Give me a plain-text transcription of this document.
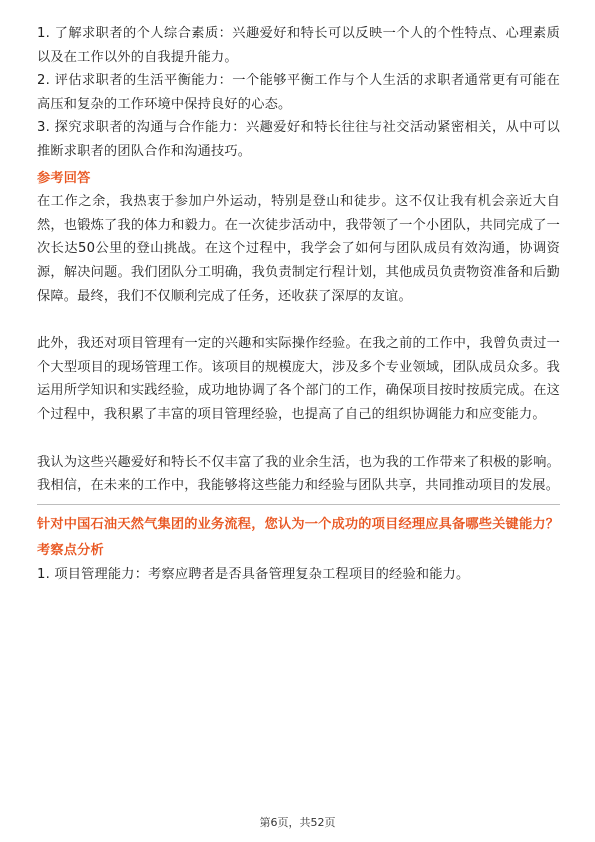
1. 了解求职者的个人综合素质：兴趣爱好和特长可以反映一个人的个性特点、心理素质以及在工作以外的自我提升能力。

2. 评估求职者的生活平衡能力：一个能够平衡工作与个人生活的求职者通常更有可能在高压和复杂的工作环境中保持良好的心态。

3. 探究求职者的沟通与合作能力：兴趣爱好和特长往往与社交活动紧密相关，从中可以推断求职者的团队合作和沟通技巧。

参考回答

在工作之余，我热衷于参加户外运动，特别是登山和徒步。这不仅让我有机会亲近大自然，也锻炼了我的体力和毅力。在一次徒步活动中，我带领了一个小团队，共同完成了一次长达50公里的登山挑战。在这个过程中，我学会了如何与团队成员有效沟通，协调资源，解决问题。我们团队分工明确，我负责制定行程计划，其他成员负责物资准备和后勤保障。最终，我们不仅顺利完成了任务，还收获了深厚的友谊。

此外，我还对项目管理有一定的兴趣和实际操作经验。在我之前的工作中，我曾负责过一个大型项目的现场管理工作。该项目的规模庞大，涉及多个专业领域，团队成员众多。我运用所学知识和实践经验，成功地协调了各个部门的工作，确保项目按时按质完成。在这个过程中，我积累了丰富的项目管理经验，也提高了自己的组织协调能力和应变能力。

我认为这些兴趣爱好和特长不仅丰富了我的业余生活，也为我的工作带来了积极的影响。我相信，在未来的工作中，我能够将这些能力和经验与团队共享，共同推动项目的发展。

针对中国石油天然气集团的业务流程，您认为一个成功的项目经理应具备哪些关键能力？

考察点分析

1. 项目管理能力：考察应聘者是否具备管理复杂工程项目的经验和能力。

第6页，共52页
